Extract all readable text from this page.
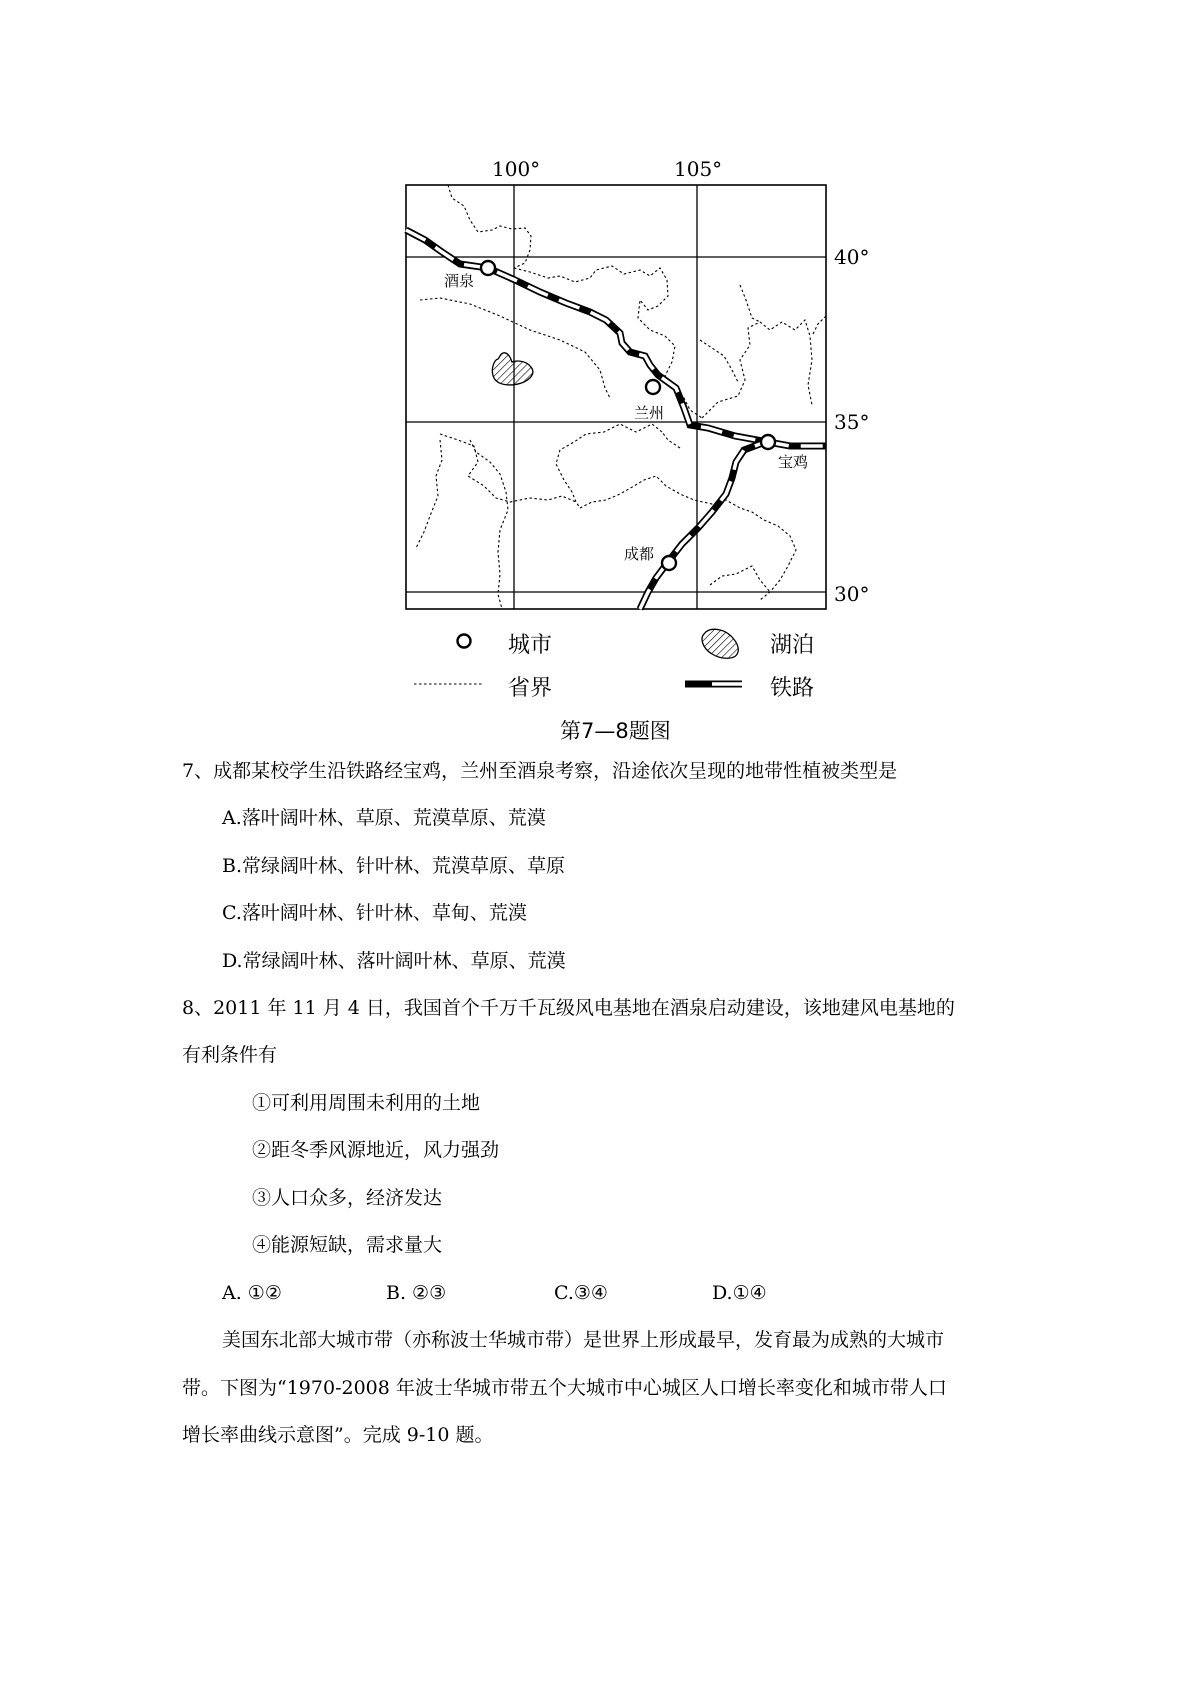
100°	105°
40°
35°
30°
酒泉
兰州
宝鸡
成都
城市	湖泊
省界	铁路
第7—8题图
7、成都某校学生沿铁路经宝鸡，兰州至酒泉考察，沿途依次呈现的地带性植被类型是
A.落叶阔叶林、草原、荒漠草原、荒漠
B.常绿阔叶林、针叶林、荒漠草原、草原
C.落叶阔叶林、针叶林、草甸、荒漠
D.常绿阔叶林、落叶阔叶林、草原、荒漠
8、2011 年 11 月 4 日，我国首个千万千瓦级风电基地在酒泉启动建设，该地建风电基地的
有利条件有
①可利用周围未利用的土地
②距冬季风源地近，风力强劲
③人口众多，经济发达
④能源短缺，需求量大
A. ①②	B. ②③	C.③④	D.①④
美国东北部大城市带（亦称波士华城市带）是世界上形成最早，发育最为成熟的大城市
带。下图为“1970-2008 年波士华城市带五个大城市中心城区人口增长率变化和城市带人口
增长率曲线示意图”。完成 9-10 题。
